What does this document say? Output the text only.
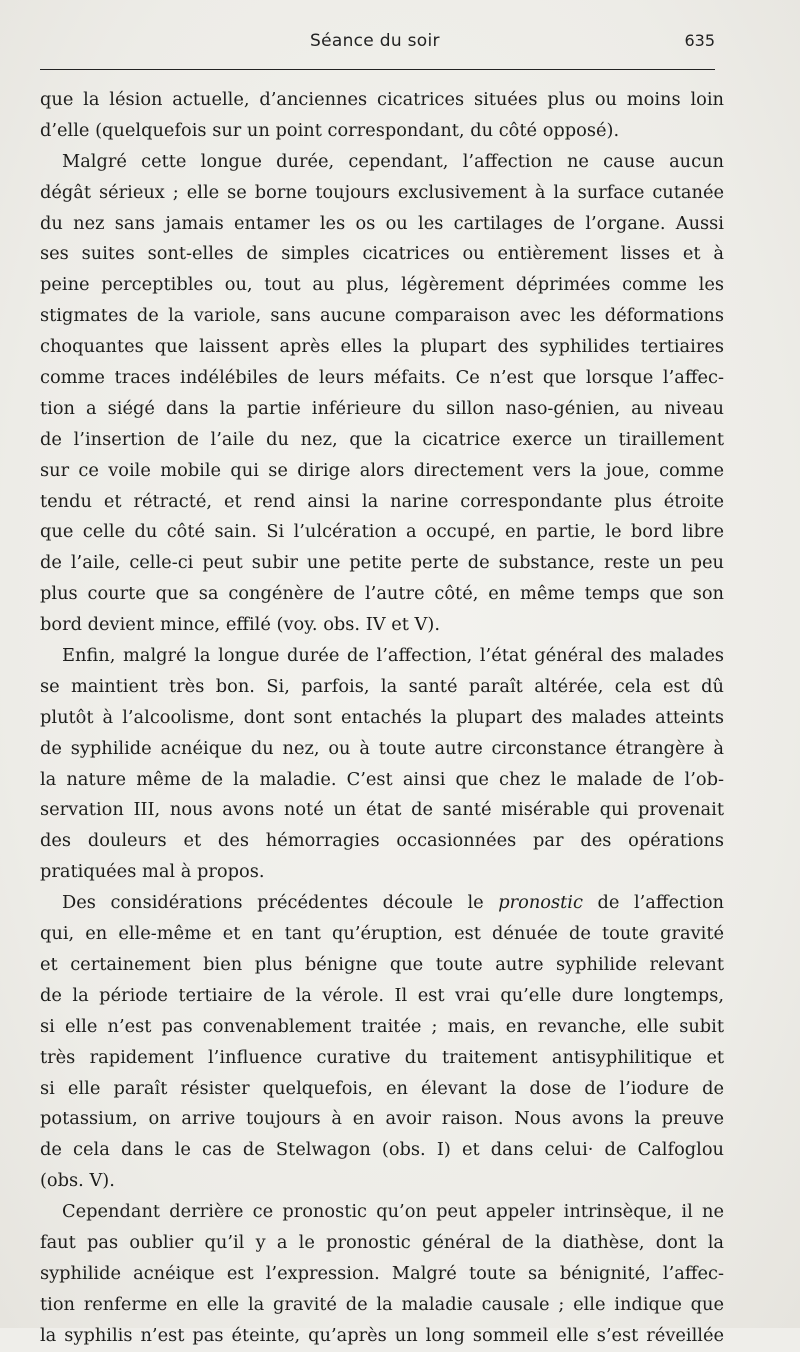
Séance du soir	635
que la lésion actuelle, d’anciennes cicatrices situées plus ou moins loin
d’elle (quelquefois sur un point correspondant, du côté opposé).
Malgré cette longue durée, cependant, l’affection ne cause aucun
dégât sérieux ; elle se borne toujours exclusivement à la surface cutanée
du nez sans jamais entamer les os ou les cartilages de l’organe. Aussi
ses suites sont-elles de simples cicatrices ou entièrement lisses et à
peine perceptibles ou, tout au plus, légèrement déprimées comme les
stigmates de la variole, sans aucune comparaison avec les déformations
choquantes que laissent après elles la plupart des syphilides tertiaires
comme traces indélébiles de leurs méfaits. Ce n’est que lorsque l’affec-
tion a siégé dans la partie inférieure du sillon naso-génien, au niveau
de l’insertion de l’aile du nez, que la cicatrice exerce un tiraillement
sur ce voile mobile qui se dirige alors directement vers la joue, comme
tendu et rétracté, et rend ainsi la narine correspondante plus étroite
que celle du côté sain. Si l’ulcération a occupé, en partie, le bord libre
de l’aile, celle-ci peut subir une petite perte de substance, reste un peu
plus courte que sa congénère de l’autre côté, en même temps que son
bord devient mince, effilé (voy. obs. IV et V).
Enfin, malgré la longue durée de l’affection, l’état général des malades
se maintient très bon. Si, parfois, la santé paraît altérée, cela est dû
plutôt à l’alcoolisme, dont sont entachés la plupart des malades atteints
de syphilide acnéique du nez, ou à toute autre circonstance étrangère à
la nature même de la maladie. C’est ainsi que chez le malade de l’ob-
servation III, nous avons noté un état de santé misérable qui provenait
des douleurs et des hémorragies occasionnées par des opérations
pratiquées mal à propos.
Des considérations précédentes découle le pronostic de l’affection
qui, en elle-même et en tant qu’éruption, est dénuée de toute gravité
et certainement bien plus bénigne que toute autre syphilide relevant
de la période tertiaire de la vérole. Il est vrai qu’elle dure longtemps,
si elle n’est pas convenablement traitée ; mais, en revanche, elle subit
très rapidement l’influence curative du traitement antisyphilitique et
si elle paraît résister quelquefois, en élevant la dose de l’iodure de
potassium, on arrive toujours à en avoir raison. Nous avons la preuve
de cela dans le cas de Stelwagon (obs. I) et dans celui· de Calfoglou
(obs. V).
Cependant derrière ce pronostic qu’on peut appeler intrinsèque, il ne
faut pas oublier qu’il y a le pronostic général de la diathèse, dont la
syphilide acnéique est l’expression. Malgré toute sa bénignité, l’affec-
tion renferme en elle la gravité de la maladie causale ; elle indique que
la syphilis n’est pas éteinte, qu’après un long sommeil elle s’est réveillée
